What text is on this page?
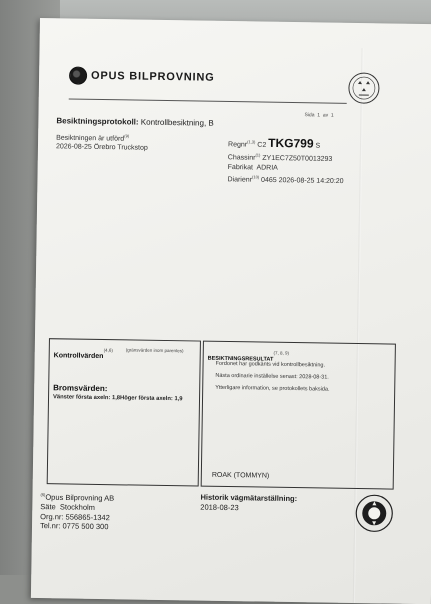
OPUS BILPROVNING
Sida 1 av 1
Besiktningsprotokoll: Kontrollbesiktning, B
Besiktningen är utförd$^{(9)}$
2026-08-25 Örebro Truckstop	Regnr$^{(1,3)}$ C2 TKG799 S
Chassinr$^{(1)}$ ZY1EC7Z50T0013293
Fabrikat ADRIA
Diarienr$^{(10)}$ 0465 2026-08-25 14:20:20
Kontrollvärden$^{(4,6)}$	(gränsvärden inom parentes)
Bromsvärden:
Vänster första axeln: 1,8Höger första axeln: 1,9
BESIKTNINGSRESULTAT$^{(7, 8, 9)}$
Fordonet har godkänts vid kontrollbesiktning.
Nästa ordinarie inställelse senast: 2028-08-31.
Ytterligare information, se protokollets baksida.
ROAK (TOMMYN)
$^{(5)}$Opus Bilprovning AB
Säte Stockholm
Org.nr: 556865-1342
Tel.nr: 0775 500 300
Historik vägmätarställning:
2018-08-23
